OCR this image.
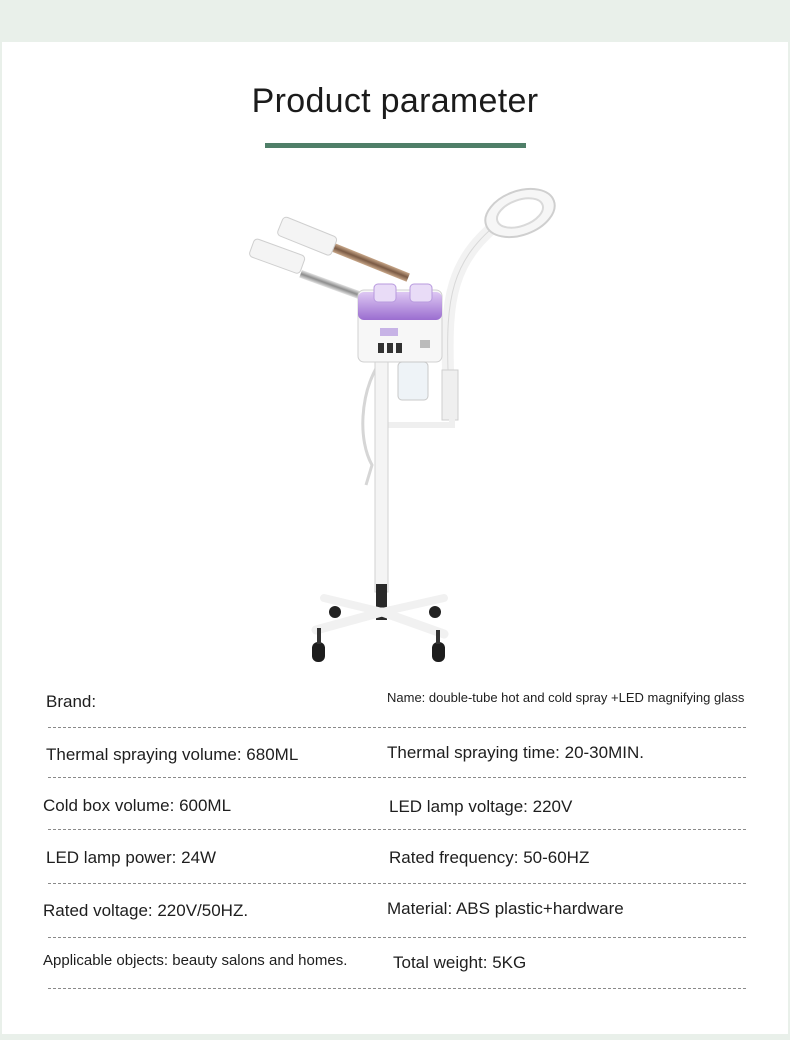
Product parameter
Brand:	Name: double-tube hot and cold spray +LED magnifying glass
Thermal spraying volume: 680ML	Thermal spraying time: 20-30MIN.
Cold box volume: 600ML	LED lamp voltage: 220V
LED lamp power: 24W	Rated frequency: 50-60HZ
Rated voltage: 220V/50HZ.	Material: ABS plastic+hardware
Applicable objects: beauty salons and homes.	Total weight: 5KG
